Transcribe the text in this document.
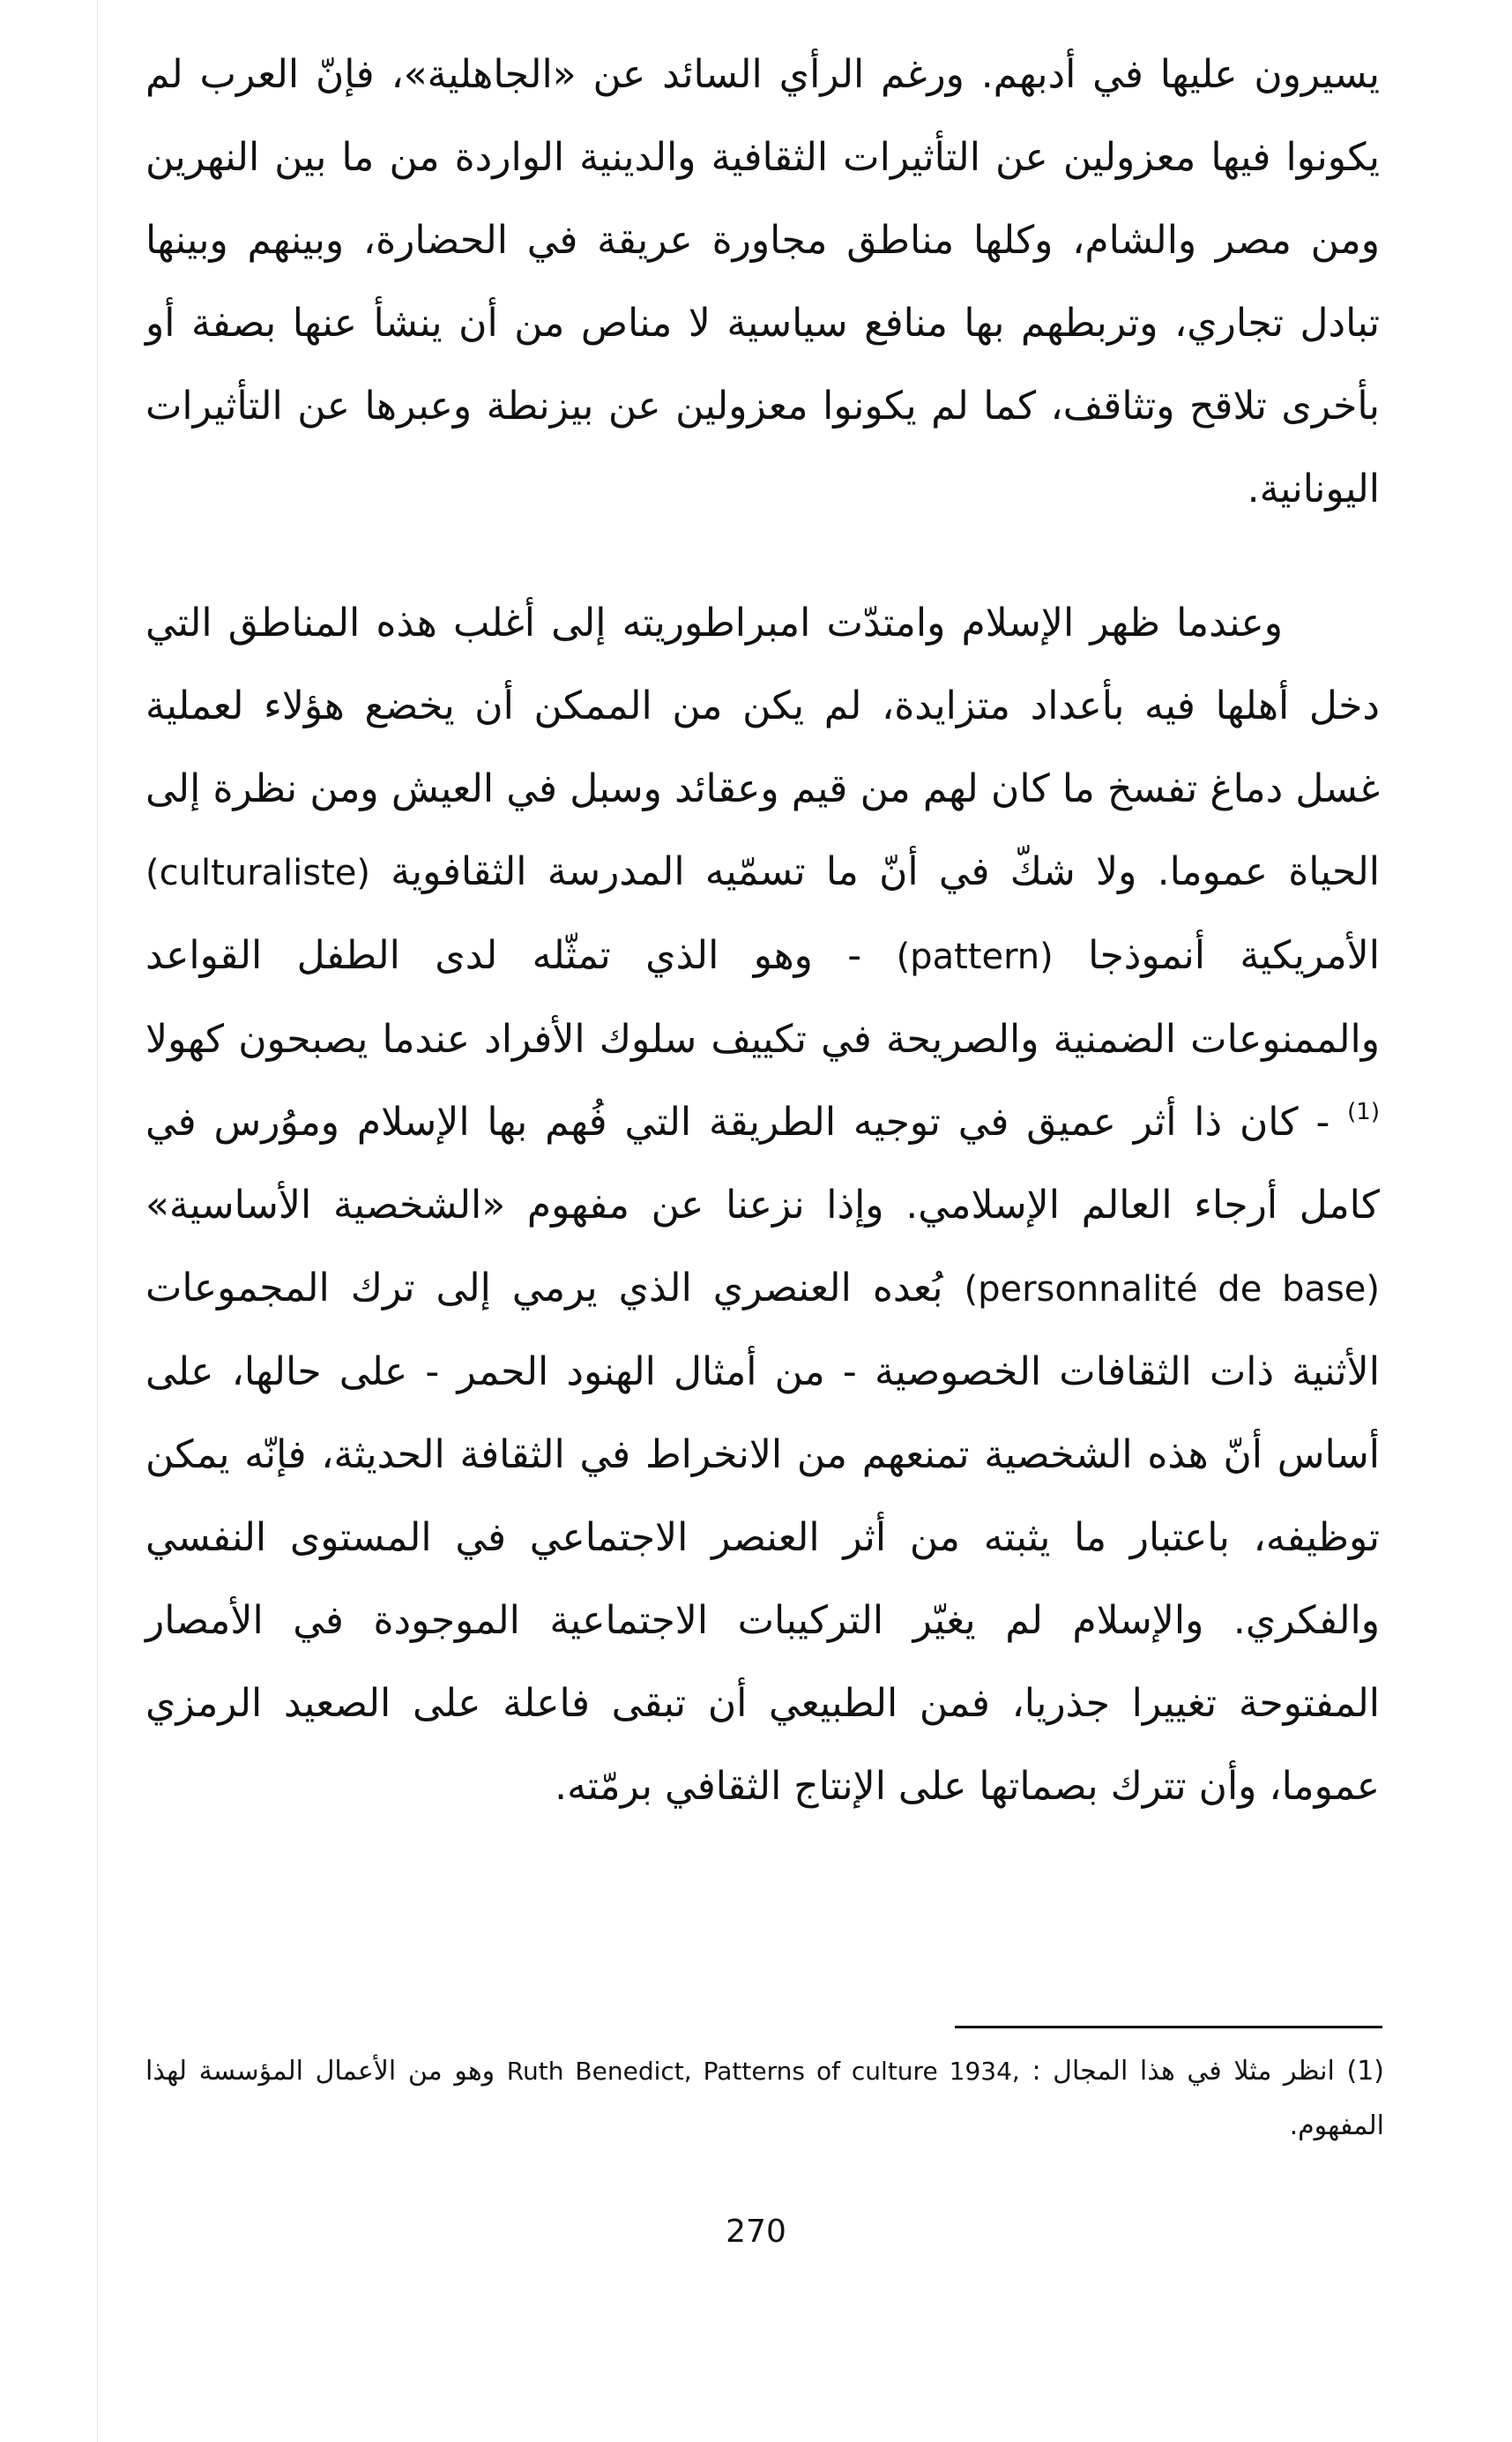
يسيرون عليها في أدبهم. ورغم الرأي السائد عن «الجاهلية»، فإنّ العرب لم يكونوا فيها معزولين عن التأثيرات الثقافية والدينية الواردة من ما بين النهرين ومن مصر والشام، وكلها مناطق مجاورة عريقة في الحضارة، وبينهم وبينها تبادل تجاري، وتربطهم بها منافع سياسية لا مناص من أن ينشأ عنها بصفة أو بأخرى تلاقح وتثاقف، كما لم يكونوا معزولين عن بيزنطة وعبرها عن التأثيرات اليونانية.

وعندما ظهر الإسلام وامتدّت امبراطوريته إلى أغلب هذه المناطق التي دخل أهلها فيه بأعداد متزايدة، لم يكن من الممكن أن يخضع هؤلاء لعملية غسل دماغ تفسخ ما كان لهم من قيم وعقائد وسبل في العيش ومن نظرة إلى الحياة عموما. ولا شكّ في أنّ ما تسمّيه المدرسة الثقافوية (culturaliste) الأمريكية أنموذجا (pattern) - وهو الذي تمثّله لدى الطفل القواعد والممنوعات الضمنية والصريحة في تكييف سلوك الأفراد عندما يصبحون كهولا $^{(1)}$ - كان ذا أثر عميق في توجيه الطريقة التي فُهم بها الإسلام وموُرس في كامل أرجاء العالم الإسلامي. وإذا نزعنا عن مفهوم «الشخصية الأساسية» (personnalité de base) بُعده العنصري الذي يرمي إلى ترك المجموعات الأثنية ذات الثقافات الخصوصية - من أمثال الهنود الحمر - على حالها، على أساس أنّ هذه الشخصية تمنعهم من الانخراط في الثقافة الحديثة، فإنّه يمكن توظيفه، باعتبار ما يثبته من أثر العنصر الاجتماعي في المستوى النفسي والفكري. والإسلام لم يغيّر التركيبات الاجتماعية الموجودة في الأمصار المفتوحة تغييرا جذريا، فمن الطبيعي أن تبقى فاعلة على الصعيد الرمزي عموما، وأن تترك بصماتها على الإنتاج الثقافي برمّته.

(1) انظر مثلا في هذا المجال : Ruth Benedict, Patterns of culture 1934, وهو من الأعمال المؤسسة لهذا المفهوم.

270
